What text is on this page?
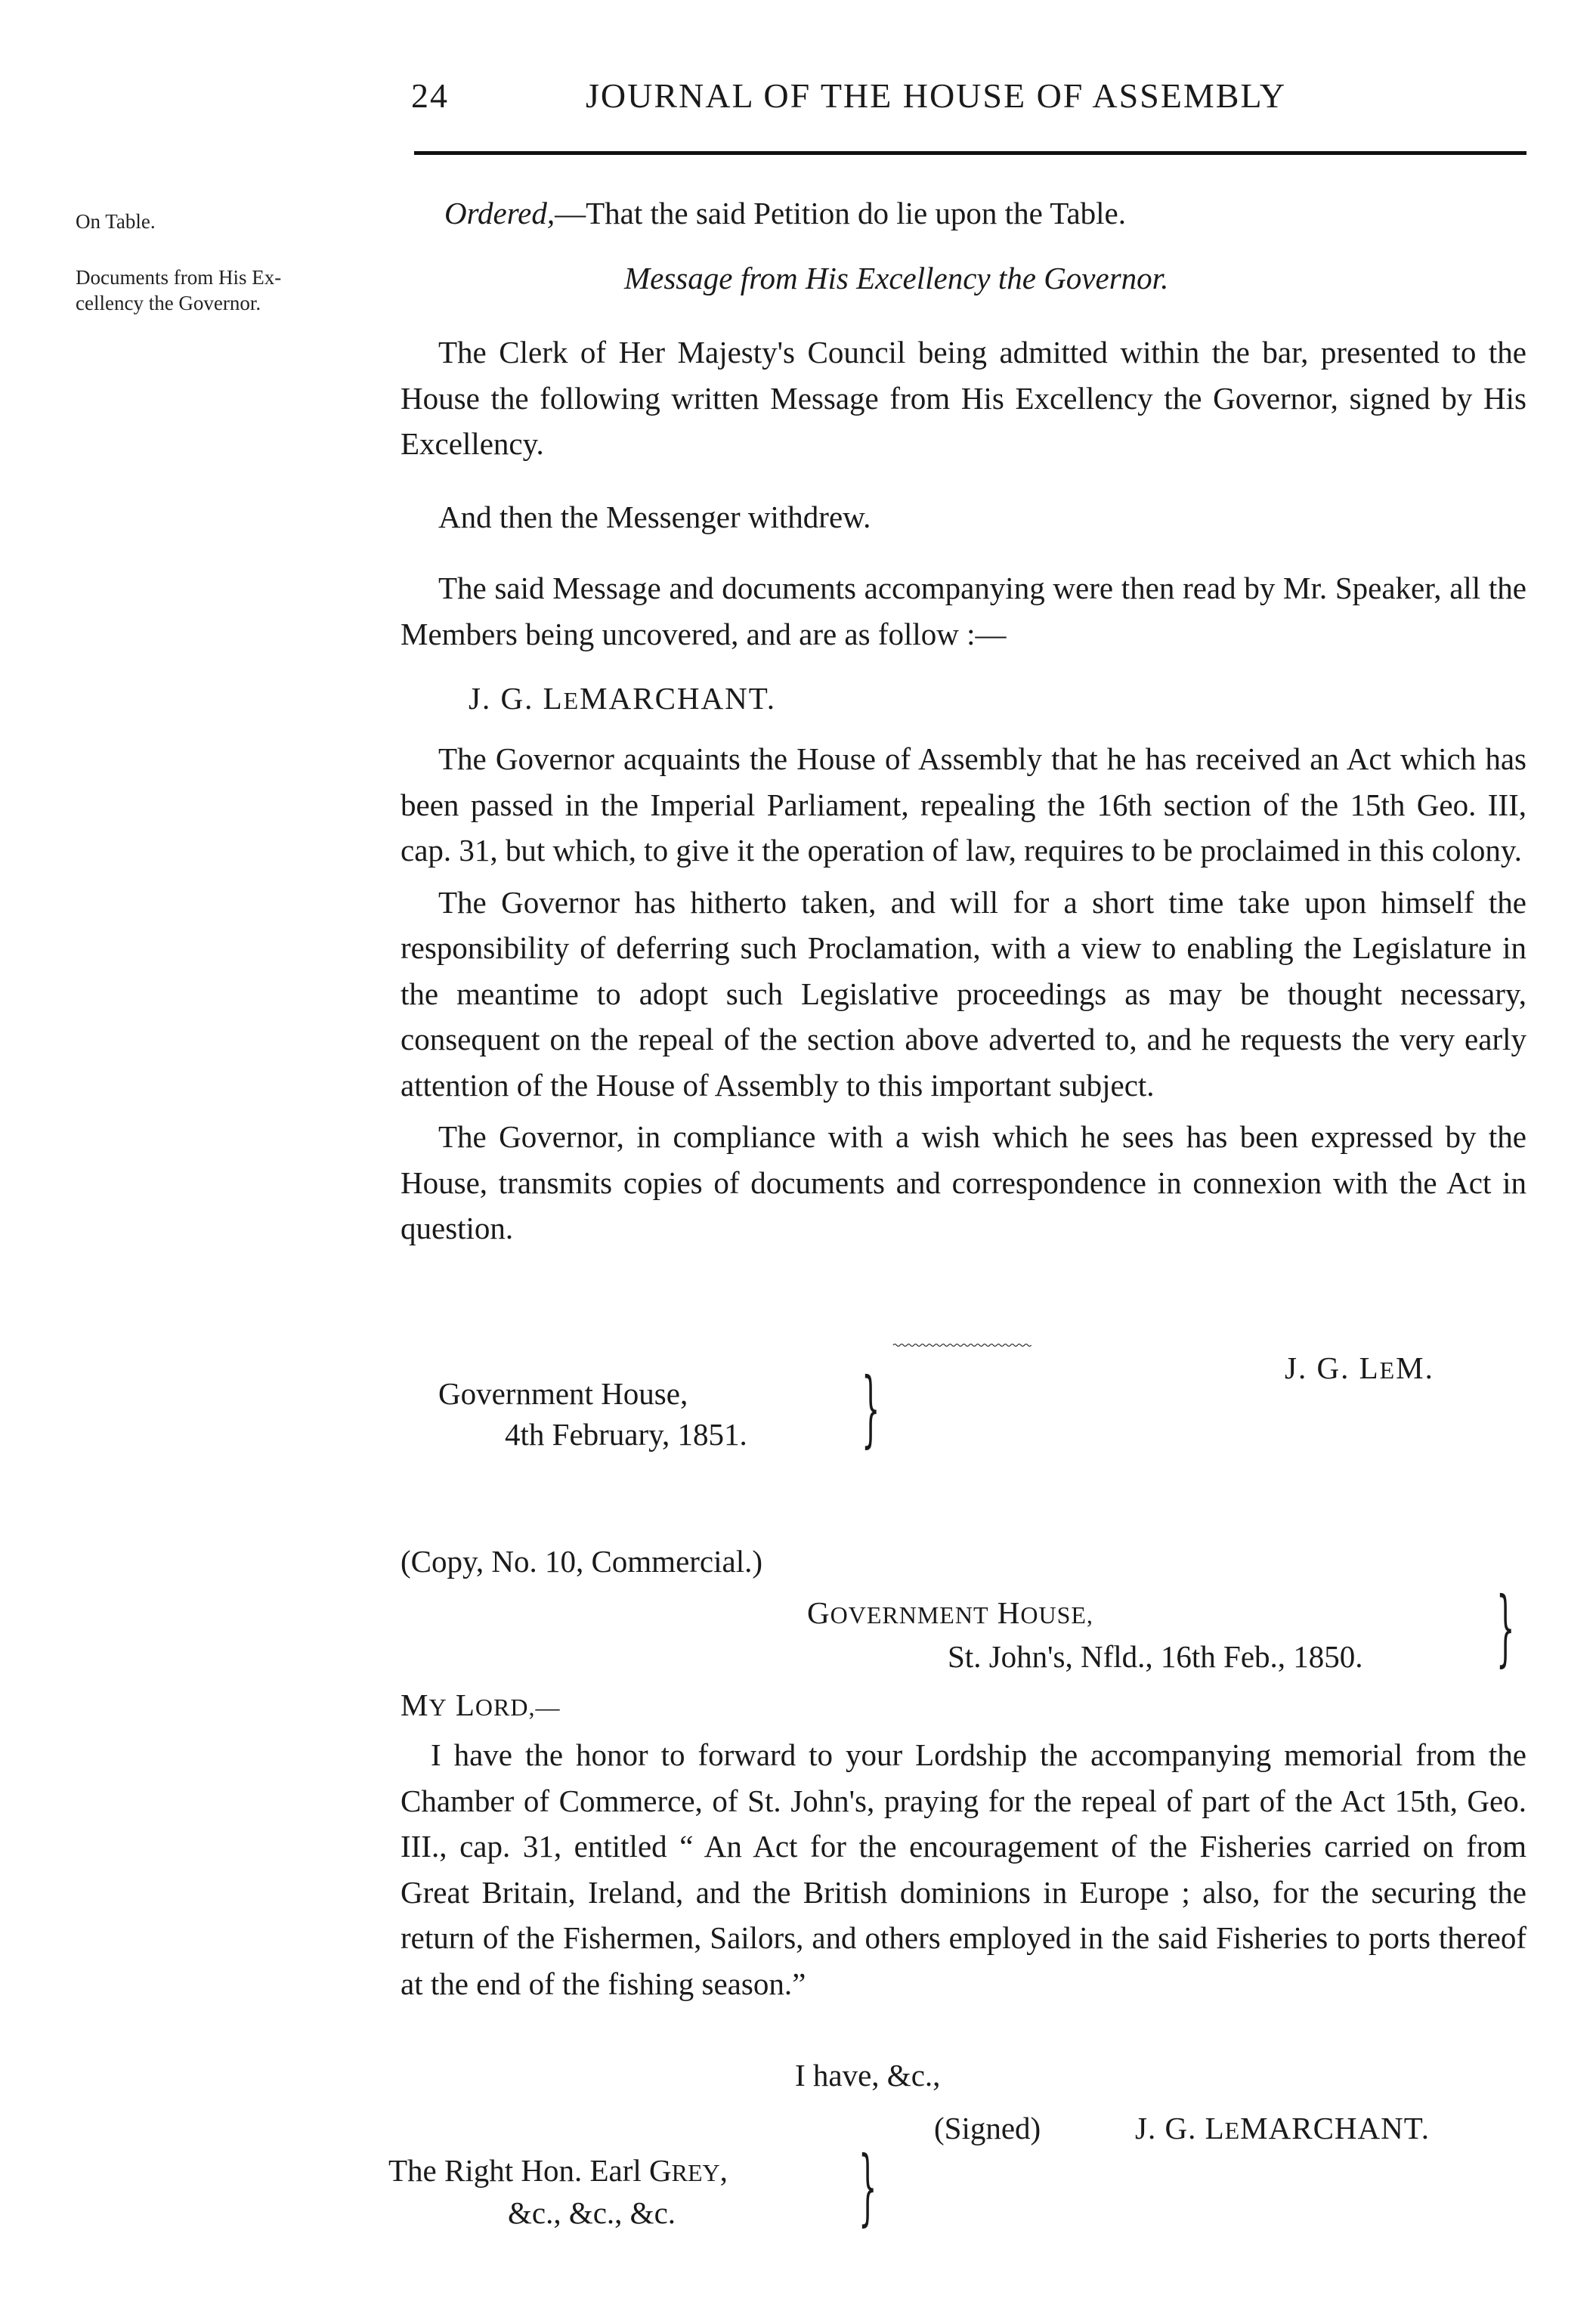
24	JOURNAL OF THE HOUSE OF ASSEMBLY
On Table.
Documents from His Ex-
cellency the Governor.
Ordered,—That the said Petition do lie upon the Table.
Message from His Excellency the Governor.

The Clerk of Her Majesty's Council being admitted within the bar, presented to the House the following written Message from His Excellency the Governor, signed by His Excellency.

And then the Messenger withdrew.

The said Message and documents accompanying were then read by Mr. Speaker, all the Members being uncovered, and are as follow :—

J. G. LEMARCHANT.

The Governor acquaints the House of Assembly that he has received an Act which has been passed in the Imperial Parliament, repealing the 16th section of the 15th Geo. III, cap. 31, but which, to give it the operation of law, requires to be proclaimed in this colony.

The Governor has hitherto taken, and will for a short time take upon himself the responsibility of deferring such Proclamation, with a view to enabling the Legislature in the meantime to adopt such Legislative proceedings as may be thought necessary, consequent on the repeal of the section above adverted to, and he requests the very early attention of the House of Assembly to this important subject.

The Governor, in compliance with a wish which he sees has been expressed by the House, transmits copies of documents and correspondence in connexion with the Act in question.

J. G. LEM.
Government House,
4th February, 1851. }
(Copy, No. 10, Commercial.)
GOVERNMENT HOUSE,
St. John's, Nfld., 16th Feb., 1850. }
MY LORD,—

I have the honor to forward to your Lordship the accompanying memorial from the Chamber of Commerce, of St. John's, praying for the repeal of part of the Act 15th, Geo. III., cap. 31, entitled “ An Act for the encouragement of the Fisheries carried on from Great Britain, Ireland, and the British dominions in Europe ; also, for the securing the return of the Fishermen, Sailors, and others employed in the said Fisheries to ports thereof at the end of the fishing season.”

I have, &c.,
(Signed)	J. G. LEMARCHANT.
The Right Hon. Earl GREY,
&c., &c., &c. }
